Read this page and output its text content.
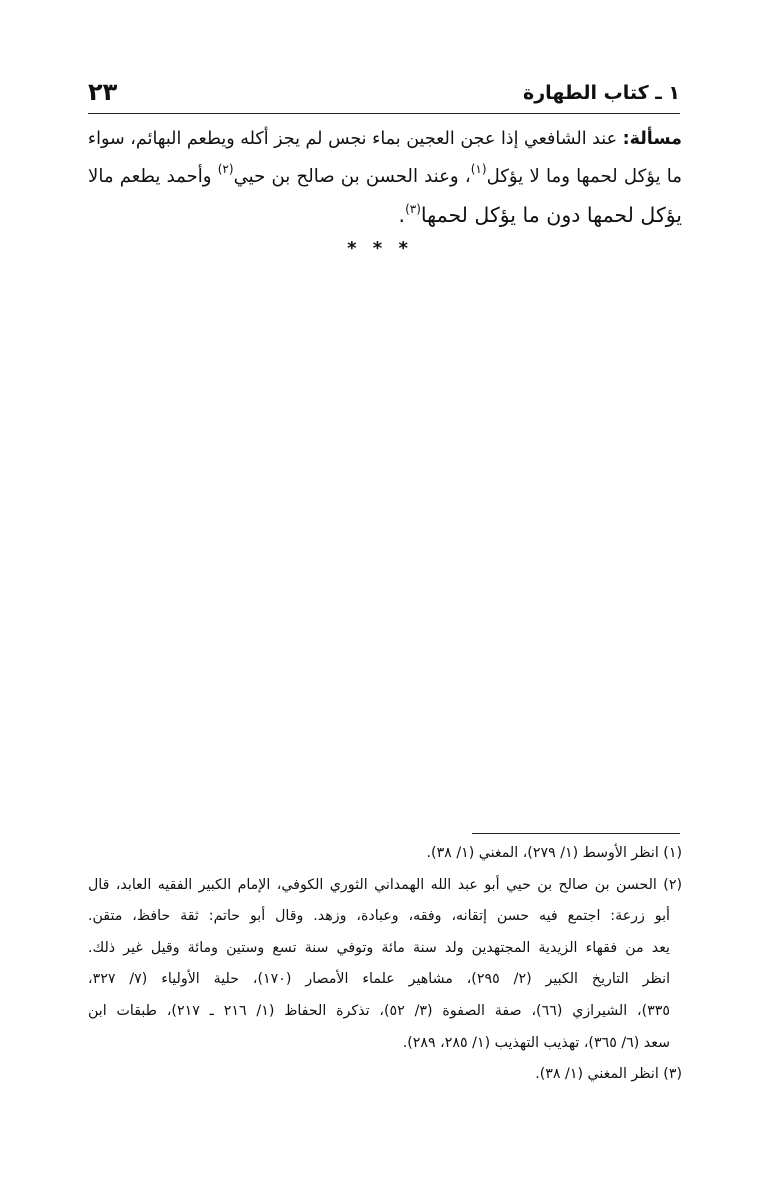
١ ـ كتاب الطهارة
٢٣
مسألة: عند الشافعي إذا عجن العجين بماء نجس لم يجز أكله ويطعم البهائم، سواء
ما يؤكل لحمها وما لا يؤكل$^{(١)}$، وعند الحسن بن صالح بن حيي$^{(٢)}$ وأحمد يطعم مالا
يؤكل لحمها دون ما يؤكل لحمها$^{(٣)}$.
* * *
(١) انظر الأوسط (١/ ٢٧٩)، المغني (١/ ٣٨).
(٢) الحسن بن صالح بن حيي أبو عبد الله الهمداني الثوري الكوفي، الإمام الكبير الفقيه العابد، قال
أبو زرعة: اجتمع فيه حسن إتقانه، وفقه، وعبادة، وزهد. وقال أبو حاتم: ثقة حافظ، متقن.
يعد من فقهاء الزيدية المجتهدين ولد سنة مائة وتوفي سنة تسع وستين ومائة وقيل غير ذلك.
انظر التاريخ الكبير (٢/ ٢٩٥)، مشاهير علماء الأمصار (١٧٠)، حلية الأولياء (٧/ ٣٢٧،
٣٣٥)، الشيرازي (٦٦)، صفة الصفوة (٣/ ٥٢)، تذكرة الحفاظ (١/ ٢١٦ ـ ٢١٧)، طبقات ابن
سعد (٦/ ٣٦٥)، تهذيب التهذيب (١/ ٢٨٥، ٢٨٩).
(٣) انظر المغني (١/ ٣٨).
